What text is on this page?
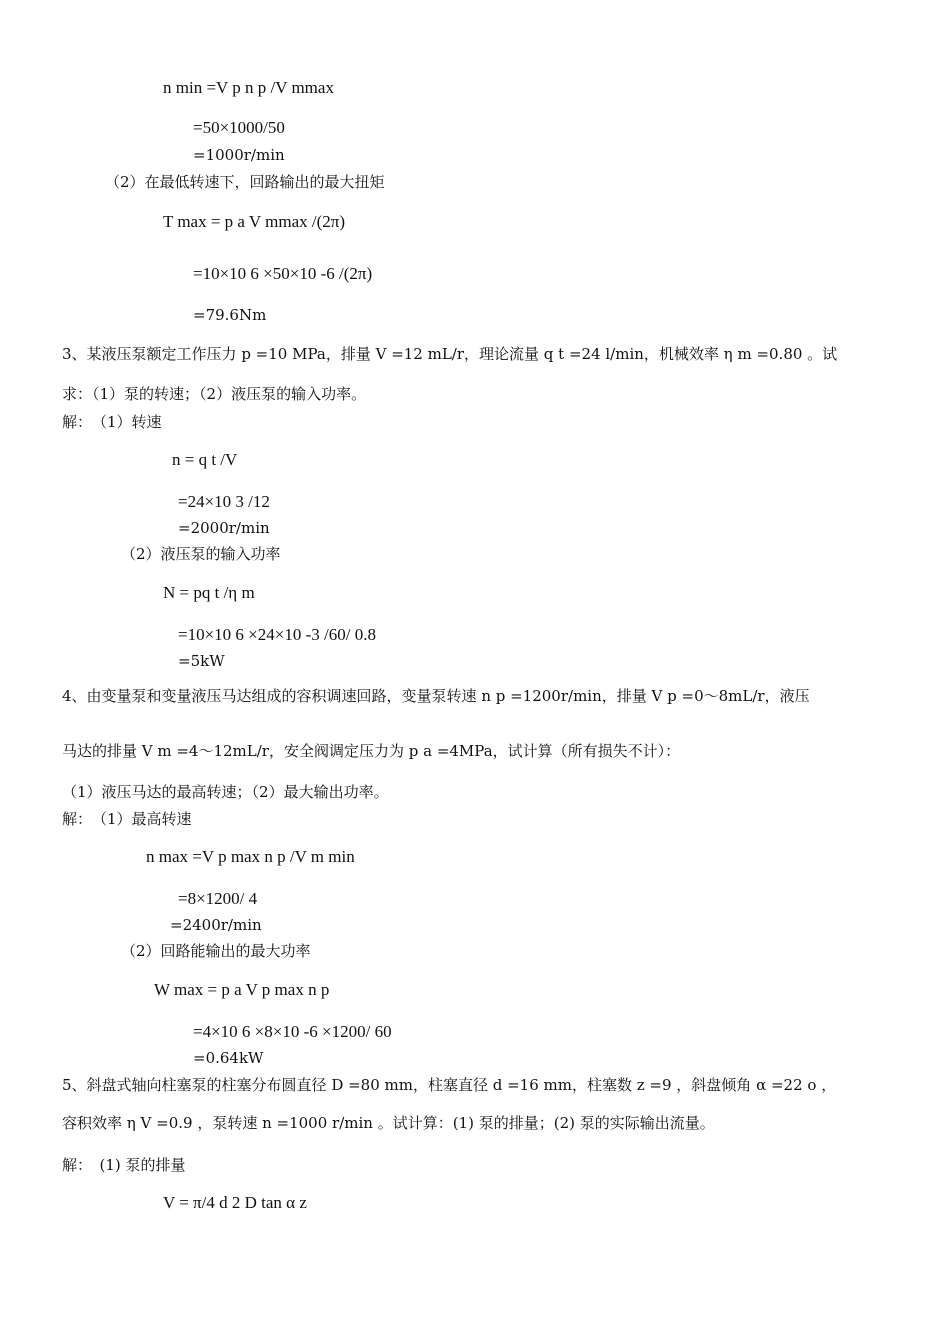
n min =V p n p /V mmax
=50×1000/50
=1000r/min
（2）在最低转速下，回路输出的最大扭矩
T max = p a V mmax /(2π)
=10×10 6 ×50×10 -6 /(2π)
=79.6Nm
3、某液压泵额定工作压力 p =10 MPa，排量 V =12 mL/r，理论流量 q t =24 l/min，机械效率 η m =0.80 。试
求：（1）泵的转速；（2）液压泵的输入功率。
解：　（1）转速
n = q t /V
=24×10 3 /12
=2000r/min
（2）液压泵的输入功率
N = pq t /η m
=10×10 6 ×24×10 -3 /60/ 0.8
=5kW
4、由变量泵和变量液压马达组成的容积调速回路，变量泵转速 n p =1200r/min，排量 V p =0～8mL/r，液压
马达的排量 V m =4～12mL/r，安全阀调定压力为 p a =4MPa，试计算（所有损失不计）：
（1）液压马达的最高转速；（2）最大输出功率。
解：　（1）最高转速
n max =V p max n p /V m min
=8×1200/ 4
=2400r/min
（2）回路能输出的最大功率
W max = p a V p max n p
=4×10 6 ×8×10 -6 ×1200/ 60
=0.64kW
5、斜盘式轴向柱塞泵的柱塞分布圆直径 D =80 mm，柱塞直径 d =16 mm，柱塞数 z =9 ，斜盘倾角 α =22 o ，
容积效率 η V =0.9 ，泵转速 n =1000 r/min 。试计算：(1) 泵的排量；(2) 泵的实际输出流量。
解：　(1) 泵的排量
V = π/4 d 2 D tan α z
